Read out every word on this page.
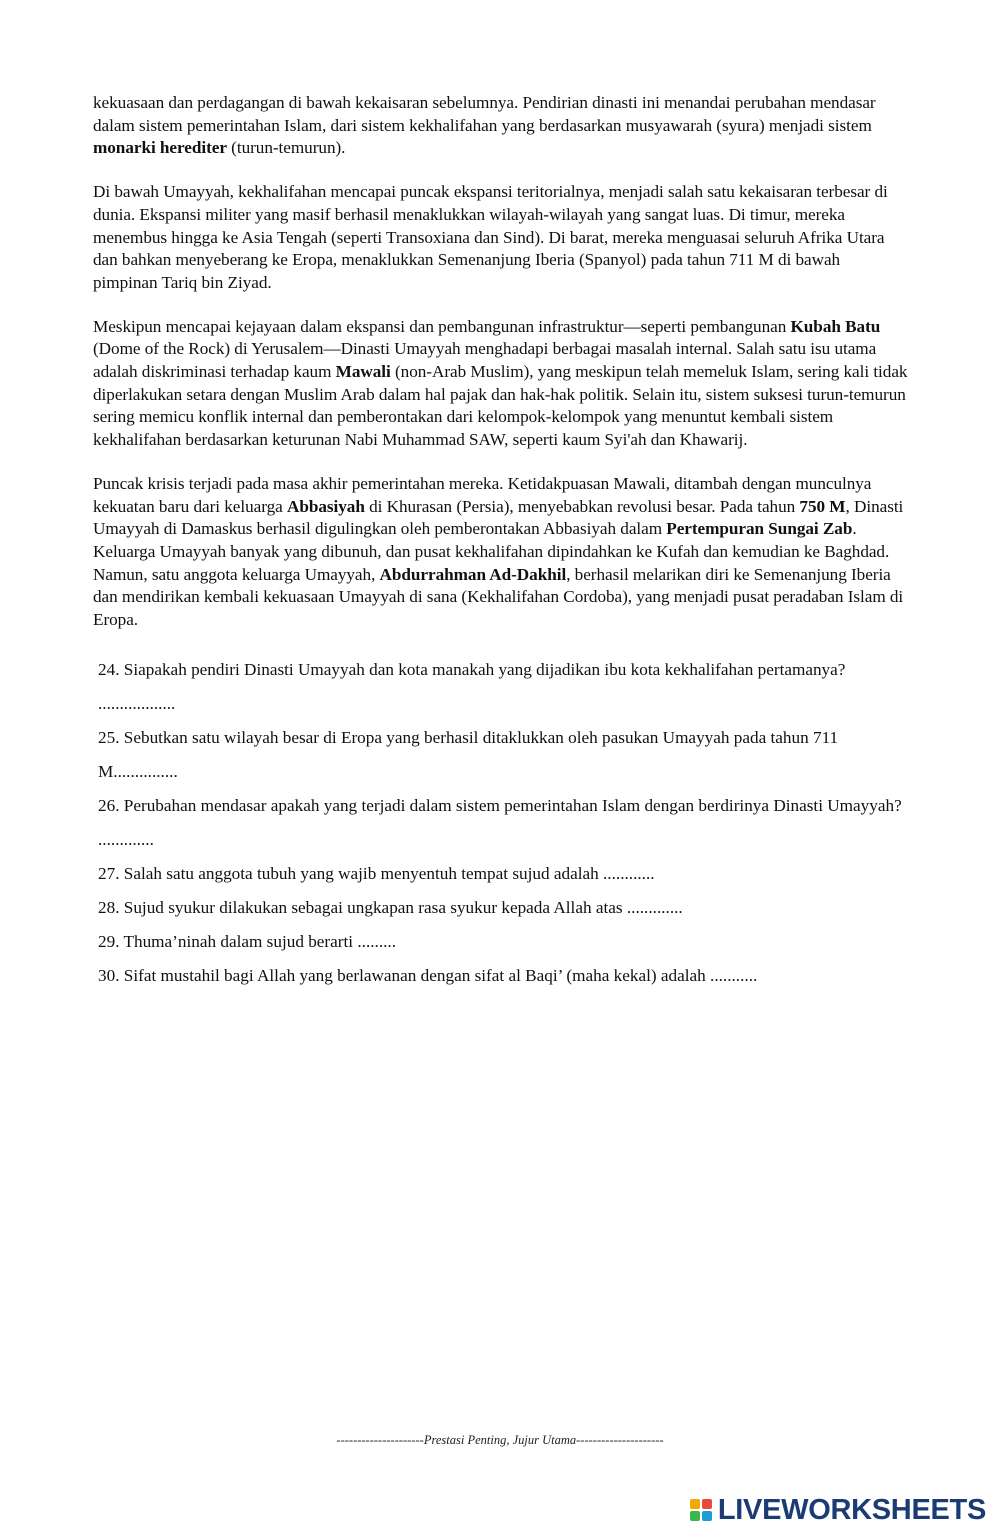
kekuasaan dan perdagangan di bawah kekaisaran sebelumnya. Pendirian dinasti ini menandai perubahan mendasar dalam sistem pemerintahan Islam, dari sistem kekhalifahan yang berdasarkan musyawarah (syura) menjadi sistem monarki herediter (turun-temurun).

Di bawah Umayyah, kekhalifahan mencapai puncak ekspansi teritorialnya, menjadi salah satu kekaisaran terbesar di dunia. Ekspansi militer yang masif berhasil menaklukkan wilayah-wilayah yang sangat luas. Di timur, mereka menembus hingga ke Asia Tengah (seperti Transoxiana dan Sind). Di barat, mereka menguasai seluruh Afrika Utara dan bahkan menyeberang ke Eropa, menaklukkan Semenanjung Iberia (Spanyol) pada tahun 711 M di bawah pimpinan Tariq bin Ziyad.

Meskipun mencapai kejayaan dalam ekspansi dan pembangunan infrastruktur—seperti pembangunan Kubah Batu (Dome of the Rock) di Yerusalem—Dinasti Umayyah menghadapi berbagai masalah internal. Salah satu isu utama adalah diskriminasi terhadap kaum Mawali (non-Arab Muslim), yang meskipun telah memeluk Islam, sering kali tidak diperlakukan setara dengan Muslim Arab dalam hal pajak dan hak-hak politik. Selain itu, sistem suksesi turun-temurun sering memicu konflik internal dan pemberontakan dari kelompok-kelompok yang menuntut kembali sistem kekhalifahan berdasarkan keturunan Nabi Muhammad SAW, seperti kaum Syi'ah dan Khawarij.

Puncak krisis terjadi pada masa akhir pemerintahan mereka. Ketidakpuasan Mawali, ditambah dengan munculnya kekuatan baru dari keluarga Abbasiyah di Khurasan (Persia), menyebabkan revolusi besar. Pada tahun 750 M, Dinasti Umayyah di Damaskus berhasil digulingkan oleh pemberontakan Abbasiyah dalam Pertempuran Sungai Zab. Keluarga Umayyah banyak yang dibunuh, dan pusat kekhalifahan dipindahkan ke Kufah dan kemudian ke Baghdad. Namun, satu anggota keluarga Umayyah, Abdurrahman Ad-Dakhil, berhasil melarikan diri ke Semenanjung Iberia dan mendirikan kembali kekuasaan Umayyah di sana (Kekhalifahan Cordoba), yang menjadi pusat peradaban Islam di Eropa.

24. Siapakah pendiri Dinasti Umayyah dan kota manakah yang dijadikan ibu kota kekhalifahan pertamanya? ..................
25. Sebutkan satu wilayah besar di Eropa yang berhasil ditaklukkan oleh pasukan Umayyah pada tahun 711 M...............
26. Perubahan mendasar apakah yang terjadi dalam sistem pemerintahan Islam dengan berdirinya Dinasti Umayyah? .............
27. Salah satu anggota tubuh yang wajib menyentuh tempat sujud adalah ............
28. Sujud syukur dilakukan sebagai ungkapan rasa syukur kepada Allah atas .............
29. Thuma’ninah dalam sujud berarti .........
30. Sifat mustahil bagi Allah yang berlawanan dengan sifat al Baqi’ (maha kekal) adalah ...........
---------------------Prestasi Penting, Jujur Utama---------------------
LIVEWORKSHEETS
